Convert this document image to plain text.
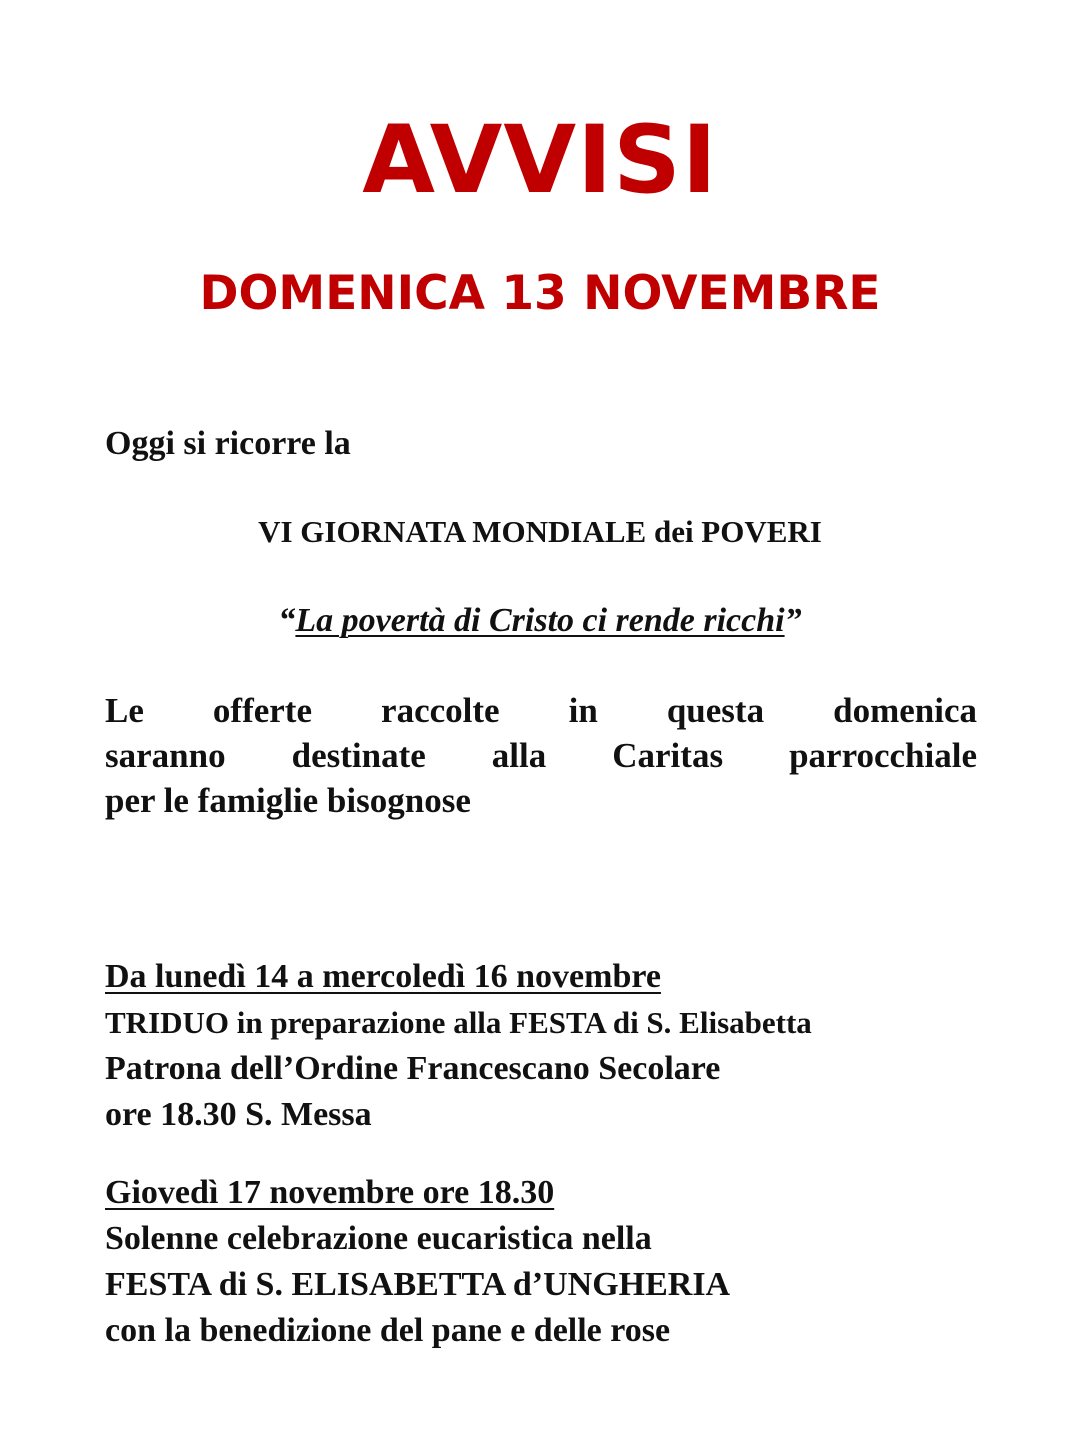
AVVISI
DOMENICA 13 NOVEMBRE
Oggi si ricorre la
VI GIORNATA MONDIALE dei POVERI
“La povertà di Cristo ci rende ricchi”
Le offerte raccolte in questa domenica
saranno destinate alla Caritas parrocchiale
per le famiglie bisognose
Da lunedì 14 a mercoledì 16 novembre
TRIDUO in preparazione alla FESTA di S. Elisabetta
Patrona dell’Ordine Francescano Secolare
ore 18.30 S. Messa
Giovedì 17 novembre ore 18.30
Solenne celebrazione eucaristica nella
FESTA di S. ELISABETTA d’UNGHERIA
con la benedizione del pane e delle rose
